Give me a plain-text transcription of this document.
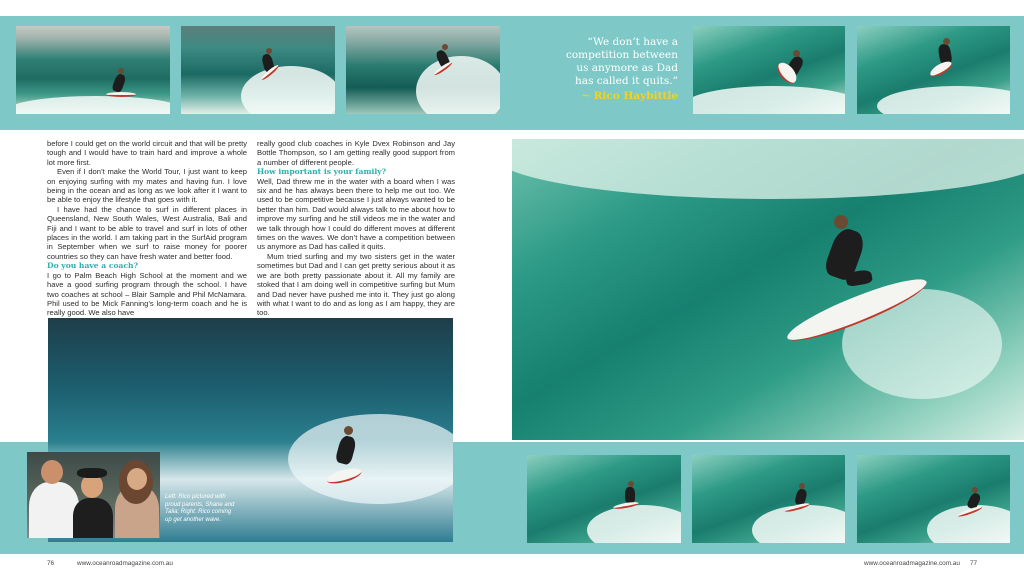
“We don’t have a competition between us anymore as Dad has called it quits.”
~ Rico Haybittle

before I could get on the world circuit and that will be pretty tough and I would have to train hard and improve a whole lot more first.

Even if I don’t make the World Tour, I just want to keep on enjoying surfing with my mates and having fun. I love being in the ocean and as long as we look after it I want to be able to enjoy the lifestyle that goes with it.

I have had the chance to surf in different places in Queensland, New South Wales, West Australia, Bali and Fiji and I want to be able to travel and surf in lots of other places in the world. I am taking part in the SurfAid program in September when we surf to raise money for poorer countries so they can have fresh water and better food.

Do you have a coach?

I go to Palm Beach High School at the moment and we have a good surfing program through the school. I have two coaches at school – Blair Sample and Phil McNamara. Phil used to be Mick Fanning’s long-term coach and he is really good. We also have

really good club coaches in Kyle Dvex Robinson and Jay Bottle Thompson, so I am getting really good support from a number of different people.

How important is your family?

Well, Dad threw me in the water with a board when I was six and he has always been there to help me out too. We used to be competitive because I just always wanted to be better than him. Dad would always talk to me about how to improve my surfing and he still videos me in the water and we talk through how I could do different moves at different times on the waves. We don’t have a competition between us anymore as Dad has called it quits.

Mum tried surfing and my two sisters get in the water sometimes but Dad and I can get pretty serious about it as we are both pretty passionate about it. All my family are stoked that I am doing well in competitive surfing but Mum and Dad never have pushed me into it. They just go along with what I want to do and as long as I am happy, they are too.

Left: Rico pictured with proud parents, Shane and Talia; Right: Rico coming up get another wave.
76	www.oceanroadmagazine.com.au	www.oceanroadmagazine.com.au 77
